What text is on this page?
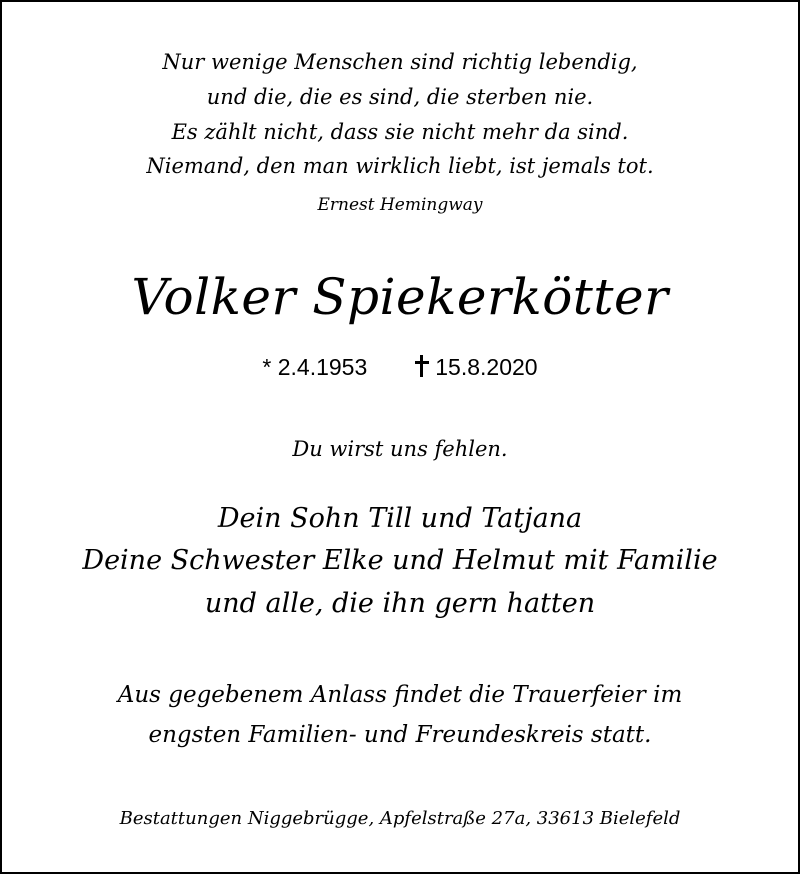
Nur wenige Menschen sind richtig lebendig,
und die, die es sind, die sterben nie.
Es zählt nicht, dass sie nicht mehr da sind.
Niemand, den man wirklich liebt, ist jemals tot.
Ernest Hemingway
Volker Spiekerkötter
* 2.4.1953	15.8.2020
Du wirst uns fehlen.
Dein Sohn Till und Tatjana
Deine Schwester Elke und Helmut mit Familie
und alle, die ihn gern hatten
Aus gegebenem Anlass findet die Trauerfeier im
engsten Familien- und Freundeskreis statt.
Bestattungen Niggebrügge, Apfelstraße 27a, 33613 Bielefeld
